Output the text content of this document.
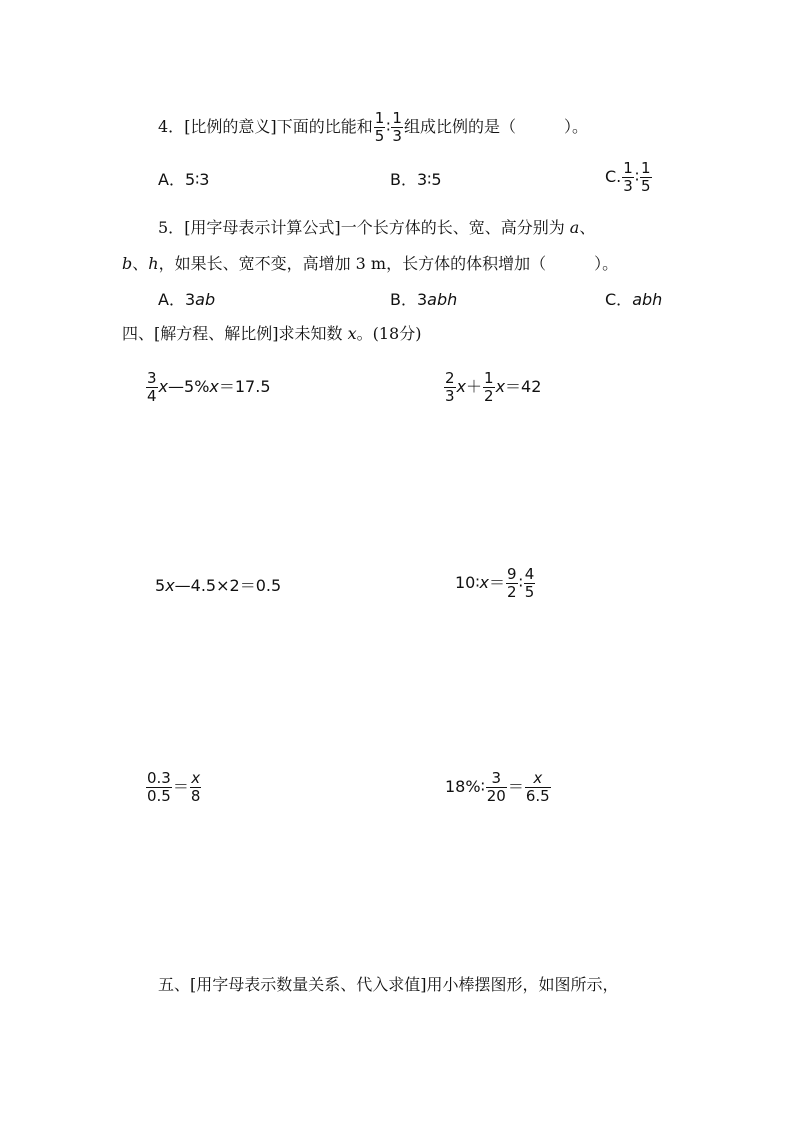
4．[比例的意义]下面的比能和 $\frac{1}{5}$ ∶ $\frac{1}{3}$ 组成比例的是（　　　）。
A．5∶3	B．3∶5	C. $\frac{1}{3}$ ∶ $\frac{1}{5}$
5．[用字母表示计算公式]一个长方体的长、宽、高分别为 a、
b、h，如果长、宽不变，高增加 3 m，长方体的体积增加（　　　）。
A．3ab	B．3abh	C．abh
四、[解方程、解比例]求未知数 x。(18分)
$\frac{3}{4}$ x—5%x＝17.5	$\frac{2}{3} x+ \frac{1}{2} x=42$
5x—4.5×2＝0.5	10∶x＝ $\frac{9}{2}$ ∶ $\frac{4}{5}$
$\frac{0.3}{0.5} = \frac{x}{8}$	18%∶ $\frac{3}{20} = \frac{x}{6.5}$
五、[用字母表示数量关系、代入求值]用小棒摆图形，如图所示，
